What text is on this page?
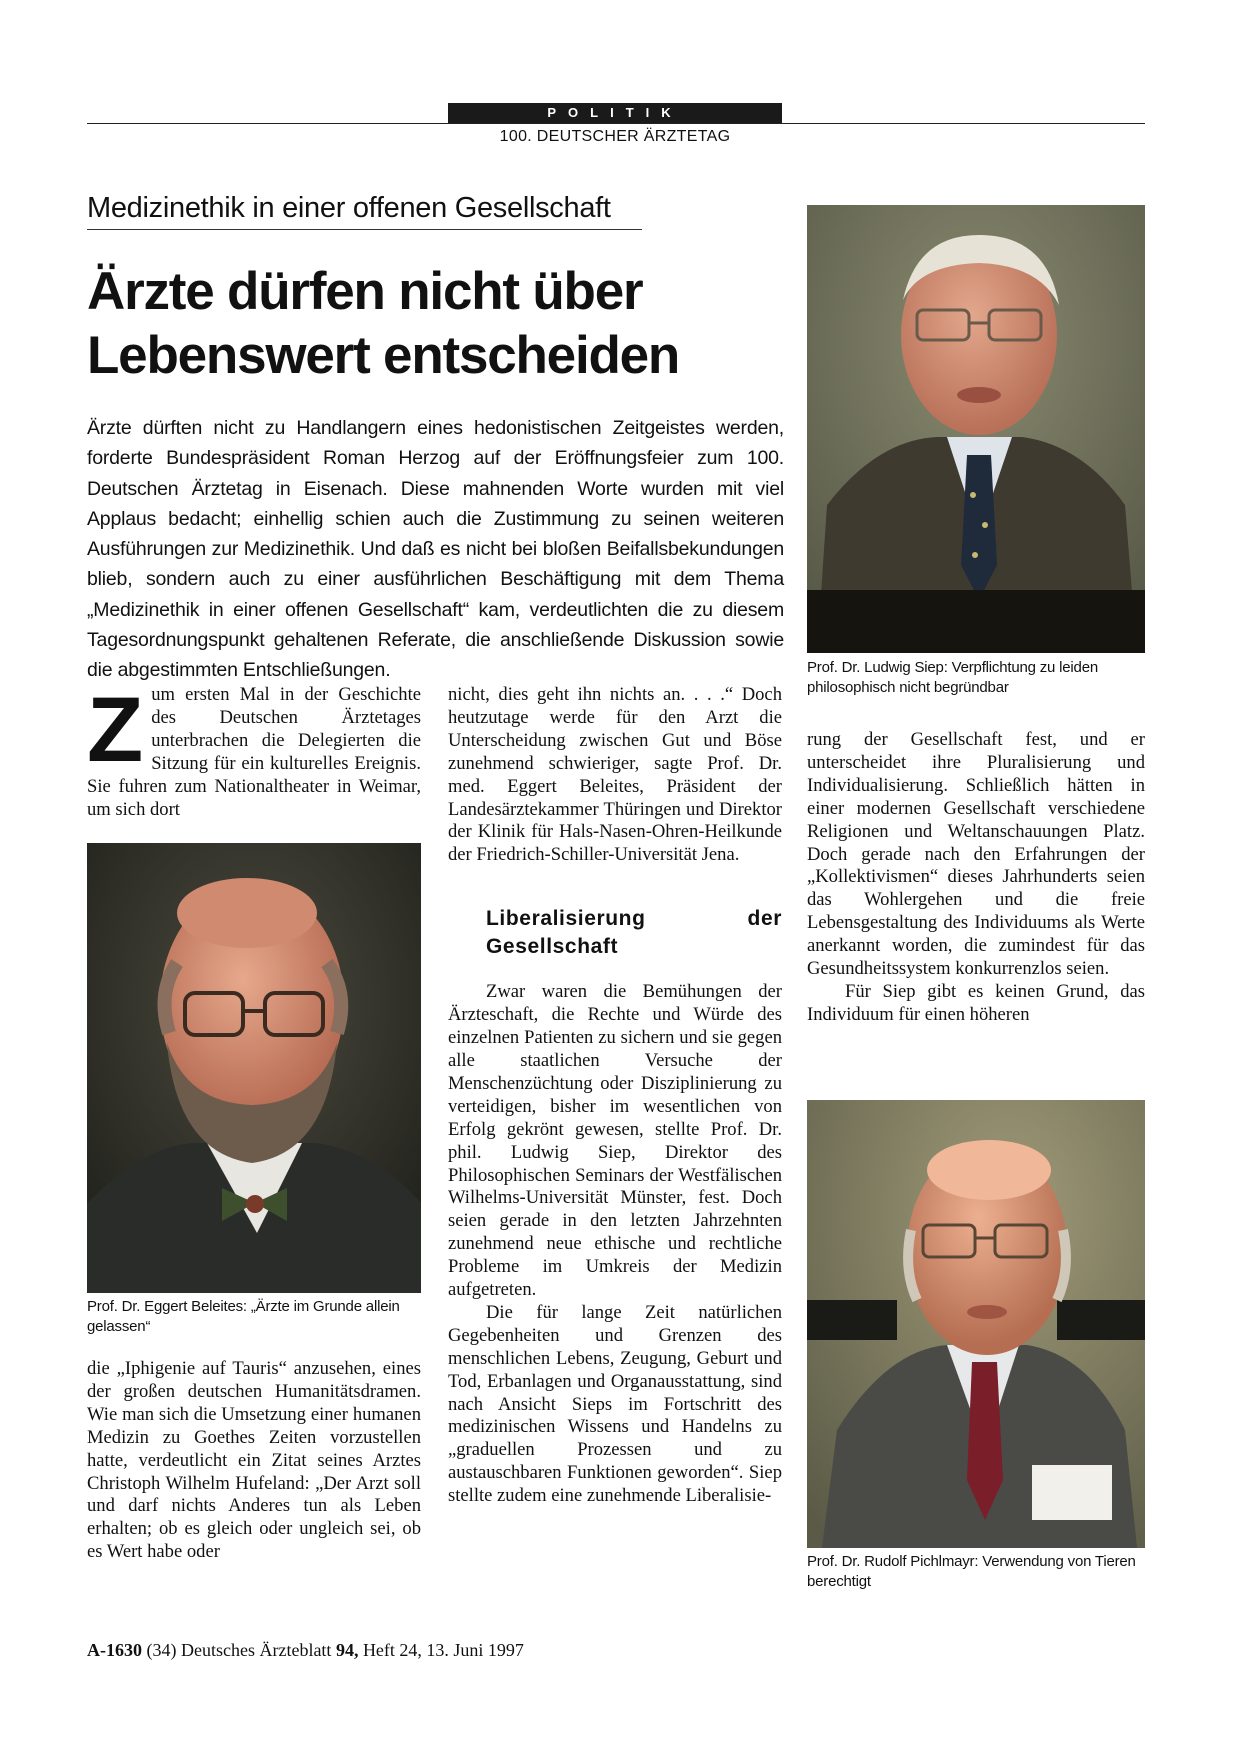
POLITIK
100. DEUTSCHER ÄRZTETAG
Medizinethik in einer offenen Gesellschaft
Ärzte dürfen nicht über
Lebenswert entscheiden
Ärzte dürften nicht zu Handlangern eines hedonistischen Zeitgeistes werden, forderte Bundespräsident Roman Herzog auf der Eröffnungsfeier zum 100. Deutschen Ärztetag in Eisenach. Diese mahnenden Worte wurden mit viel Applaus bedacht; einhellig schien auch die Zustimmung zu seinen weiteren Ausführungen zur Medizinethik. Und daß es nicht bei bloßen Beifallsbekundungen blieb, sondern auch zu einer ausführlichen Beschäftigung mit dem Thema „Medizinethik in einer offenen Gesellschaft“ kam, verdeutlichten die zu diesem Tagesordnungspunkt gehaltenen Referate, die anschließende Diskussion sowie die abgestimmten Entschließungen.
Z um ersten Mal in der Geschichte des Deutschen Ärztetages unterbrachen die Delegierten die Sitzung für ein kulturelles Ereignis. Sie fuhren zum Nationaltheater in Weimar, um sich dort

Prof. Dr. Eggert Beleites: „Ärzte im Grunde allein gelassen“

die „Iphigenie auf Tauris“ anzusehen, eines der großen deutschen Humanitätsdramen. Wie man sich die Umsetzung einer humanen Medizin zu Goethes Zeiten vorzustellen hatte, verdeutlicht ein Zitat seines Arztes Christoph Wilhelm Hufeland: „Der Arzt soll und darf nichts Anderes tun als Leben erhalten; ob es gleich oder ungleich sei, ob es Wert habe oder

nicht, dies geht ihn nichts an. . . .“ Doch heutzutage werde für den Arzt die Unterscheidung zwischen Gut und Böse zunehmend schwieriger, sagte Prof. Dr. med. Eggert Beleites, Präsident der Landesärztekammer Thüringen und Direktor der Klinik für Hals-Nasen-Ohren-Heilkunde der Friedrich-Schiller-Universität Jena.

Liberalisierung der Gesellschaft

Zwar waren die Bemühungen der Ärzteschaft, die Rechte und Würde des einzelnen Patienten zu sichern und sie gegen alle staatlichen Versuche der Menschenzüchtung oder Disziplinierung zu verteidigen, bisher im wesentlichen von Erfolg gekrönt gewesen, stellte Prof. Dr. phil. Ludwig Siep, Direktor des Philosophischen Seminars der Westfälischen Wilhelms-Universität Münster, fest. Doch seien gerade in den letzten Jahrzehnten zunehmend neue ethische und rechtliche Probleme im Umkreis der Medizin aufgetreten.

Die für lange Zeit natürlichen Gegebenheiten und Grenzen des menschlichen Lebens, Zeugung, Geburt und Tod, Erbanlagen und Organausstattung, sind nach Ansicht Sieps im Fortschritt des medizinischen Wissens und Handelns zu „graduellen Prozessen und zu austauschbaren Funktionen geworden“. Siep stellte zudem eine zunehmende Liberalisie-

Prof. Dr. Ludwig Siep: Verpflichtung zu leiden philosophisch nicht begründbar

rung der Gesellschaft fest, und er unterscheidet ihre Pluralisierung und Individualisierung. Schließlich hätten in einer modernen Gesellschaft verschiedene Religionen und Weltanschauungen Platz. Doch gerade nach den Erfahrungen der „Kollektivismen“ dieses Jahrhunderts seien das Wohlergehen und die freie Lebensgestaltung des Individuums als Werte anerkannt worden, die zumindest für das Gesundheitssystem konkurrenzlos seien.

Für Siep gibt es keinen Grund, das Individuum für einen höheren

Prof. Dr. Rudolf Pichlmayr: Verwendung von Tieren berechtigt
A-1630 (34) Deutsches Ärzteblatt 94, Heft 24, 13. Juni 1997
